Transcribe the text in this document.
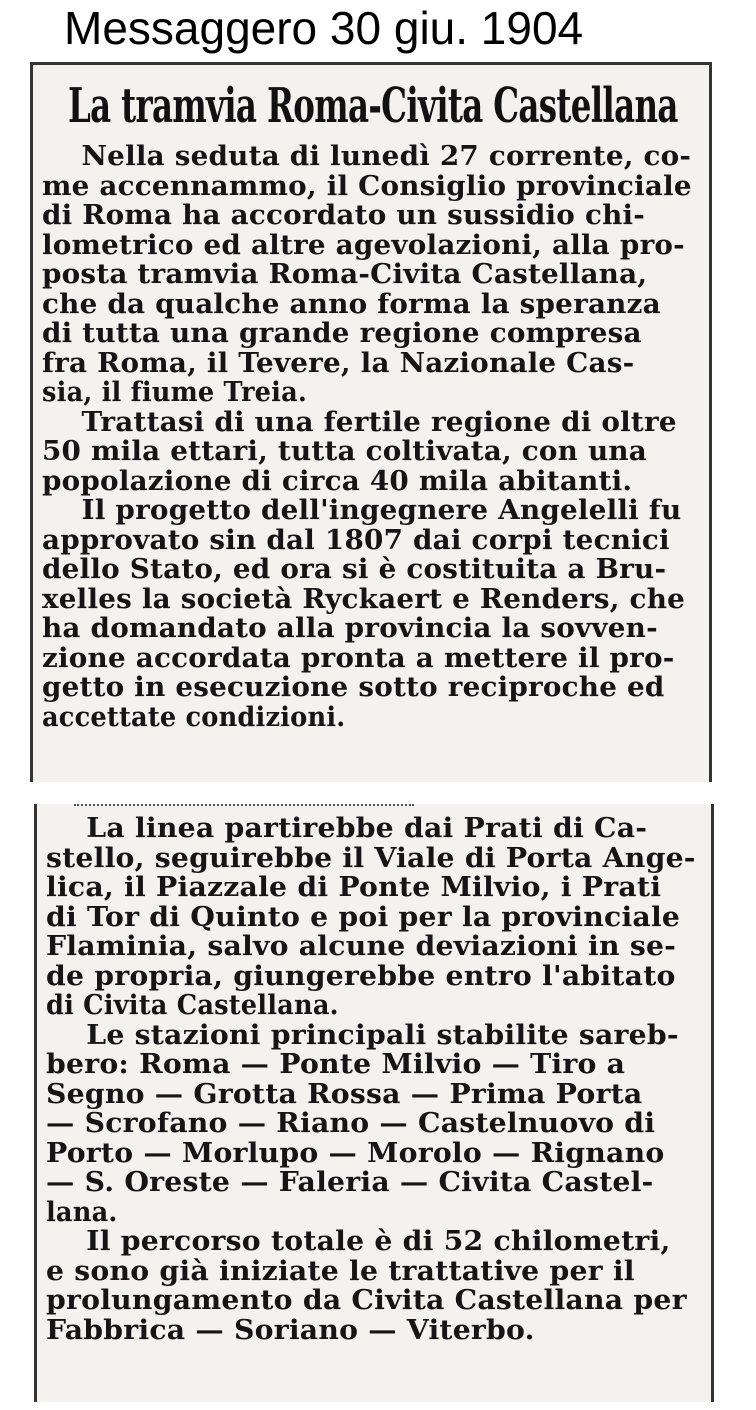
Messaggero 30 giu. 1904
La tramvia Roma-Civita Castellana
Nella seduta di lunedì 27 corrente, co-
me accennammo, il Consiglio provinciale
di Roma ha accordato un sussidio chi-
lometrico ed altre agevolazioni, alla pro-
posta tramvia Roma-Civita Castellana,
che da qualche anno forma la speranza
di tutta una grande regione compresa
fra Roma, il Tevere, la Nazionale Cas-
sia, il fiume Treia.
Trattasi di una fertile regione di oltre
50 mila ettari, tutta coltivata, con una
popolazione di circa 40 mila abitanti.
Il progetto dell'ingegnere Angelelli fu
approvato sin dal 1807 dai corpi tecnici
dello Stato, ed ora si è costituita a Bru-
xelles la società Ryckaert e Renders, che
ha domandato alla provincia la sovven-
zione accordata pronta a mettere il pro-
getto in esecuzione sotto reciproche ed
accettate condizioni.
La linea partirebbe dai Prati di Ca-
stello, seguirebbe il Viale di Porta Ange-
lica, il Piazzale di Ponte Milvio, i Prati
di Tor di Quinto e poi per la provinciale
Flaminia, salvo alcune deviazioni in se-
de propria, giungerebbe entro l'abitato
di Civita Castellana.
Le stazioni principali stabilite sareb-
bero: Roma — Ponte Milvio — Tiro a
Segno — Grotta Rossa — Prima Porta
— Scrofano — Riano — Castelnuovo di
Porto — Morlupo — Morolo — Rignano
— S. Oreste — Faleria — Civita Castel-
lana.
Il percorso totale è di 52 chilometri,
e sono già iniziate le trattative per il
prolungamento da Civita Castellana per
Fabbrica — Soriano — Viterbo.
